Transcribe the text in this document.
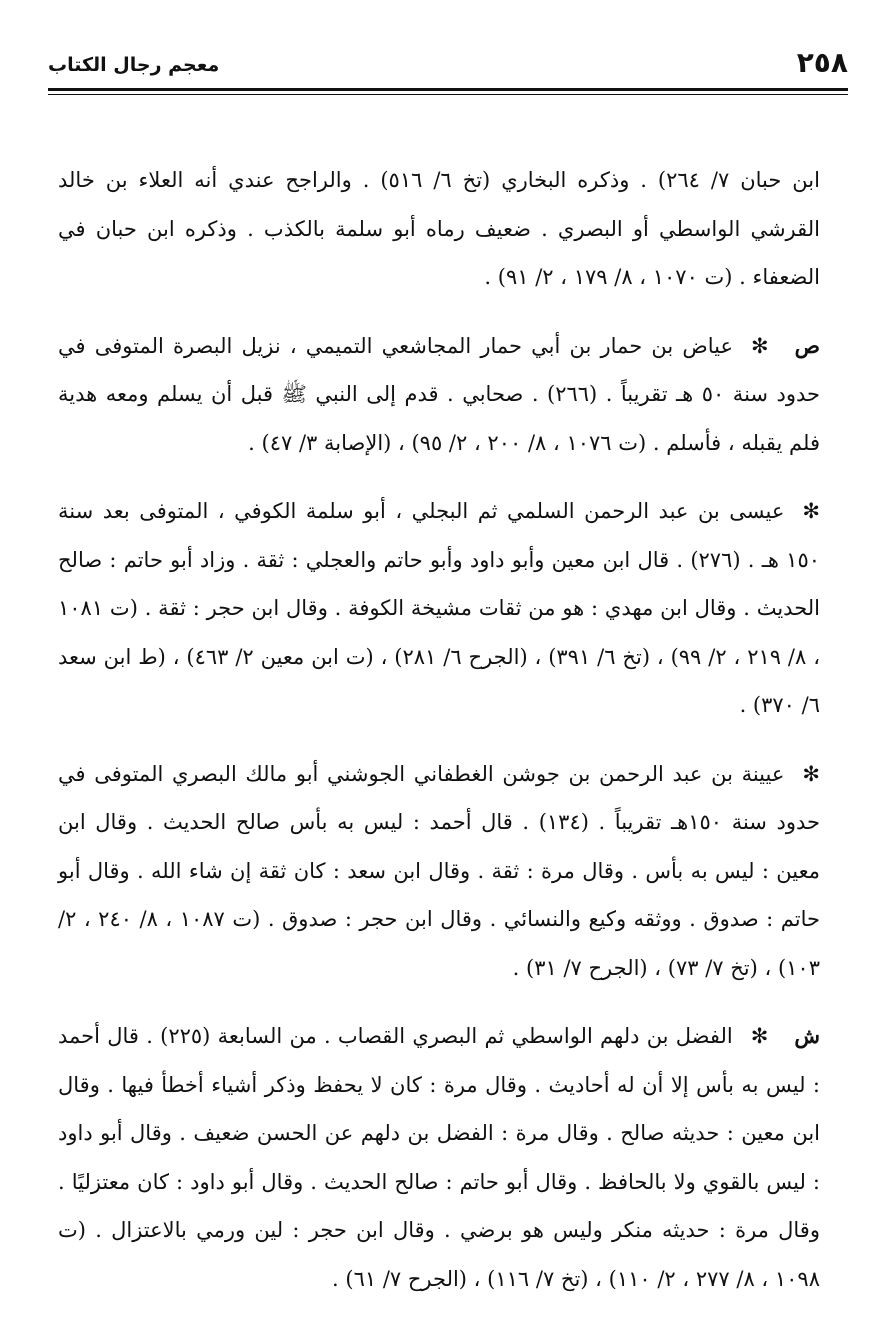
٢٥٨
معجم رجال الكتاب

ابن حبان ٧/ ٢٦٤) . وذكره البخاري (تخ ٦/ ٥١٦) . والراجح عندي أنه العلاء بن خالد القرشي الواسطي أو البصري . ضعيف رماه أبو سلمة بالكذب . وذكره ابن حبان في الضعفاء . (ت ١٠٧٠ ، ٨/ ١٧٩ ، ٢/ ٩١) .

ص✻عياض بن حمار بن أبي حمار المجاشعي التميمي ، نزيل البصرة المتوفى في حدود سنة ٥٠ هـ تقريباً . (٢٦٦) . صحابي . قدم إلى النبي ﷺ قبل أن يسلم ومعه هدية فلم يقبله ، فأسلم . (ت ١٠٧٦ ، ٨/ ٢٠٠ ، ٢/ ٩٥) ، (الإصابة ٣/ ٤٧) .

✻عيسى بن عبد الرحمن السلمي ثم البجلي ، أبو سلمة الكوفي ، المتوفى بعد سنة ١٥٠ هـ . (٢٧٦) . قال ابن معين وأبو داود وأبو حاتم والعجلي : ثقة . وزاد أبو حاتم : صالح الحديث . وقال ابن مهدي : هو من ثقات مشيخة الكوفة . وقال ابن حجر : ثقة . (ت ١٠٨١ ، ٨/ ٢١٩ ، ٢/ ٩٩) ، (تخ ٦/ ٣٩١) ، (الجرح ٦/ ٢٨١) ، (ت ابن معين ٢/ ٤٦٣) ، (ط ابن سعد ٦/ ٣٧٠) .

✻عيينة بن عبد الرحمن بن جوشن الغطفاني الجوشني أبو مالك البصري المتوفى في حدود سنة ١٥٠هـ تقريباً . (١٣٤) . قال أحمد : ليس به بأس صالح الحديث . وقال ابن معين : ليس به بأس . وقال مرة : ثقة . وقال ابن سعد : كان ثقة إن شاء الله . وقال أبو حاتم : صدوق . ووثقه وكيع والنسائي . وقال ابن حجر : صدوق . (ت ١٠٨٧ ، ٨/ ٢٤٠ ، ٢/ ١٠٣) ، (تخ ٧/ ٧٣) ، (الجرح ٧/ ٣١) .

ش✻الفضل بن دلهم الواسطي ثم البصري القصاب . من السابعة (٢٢٥) . قال أحمد : ليس به بأس إلا أن له أحاديث . وقال مرة : كان لا يحفظ وذكر أشياء أخطأ فيها . وقال ابن معين : حديثه صالح . وقال مرة : الفضل بن دلهم عن الحسن ضعيف . وقال أبو داود : ليس بالقوي ولا بالحافظ . وقال أبو حاتم : صالح الحديث . وقال أبو داود : كان معتزليًا . وقال مرة : حديثه منكر وليس هو برضي . وقال ابن حجر : لين ورمي بالاعتزال . (ت ١٠٩٨ ، ٨/ ٢٧٧ ، ٢/ ١١٠) ، (تخ ٧/ ١١٦) ، (الجرح ٧/ ٦١) .
